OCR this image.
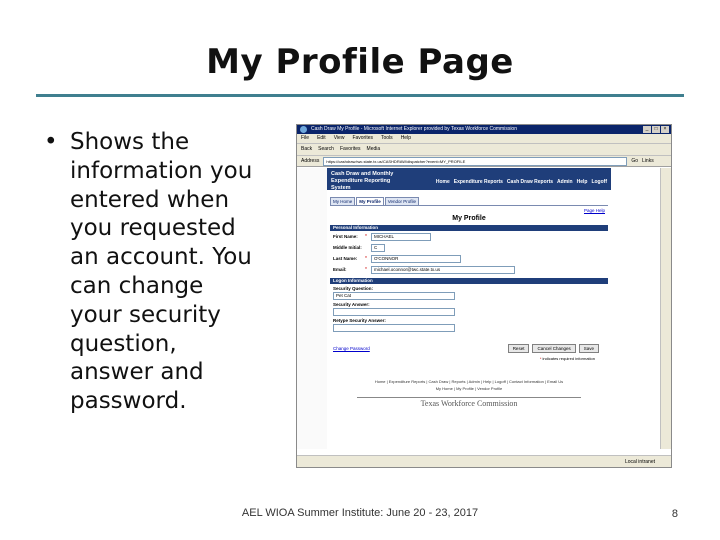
My Profile Page
• Shows the information you entered when you requested an account. You can change your security question, answer and password.
Cash Draw My Profile - Microsoft Internet Explorer provided by Texas Workforce Commission	_	□	×
File Edit View Favorites Tools Help
Back Search Favorites Media
Address	https://cashdraw.twc.state.tx.us/CASHDRAW/dispatcher?event=MY_PROFILE	Go Links
Cash Draw and Monthly Expenditure Reporting System
Home Expenditure Reports Cash Draw Reports Admin Help Logoff
My Home	My Profile	Vendor Profile
Page Help
My Profile
Personal Information
First Name:	*	MICHAEL
Middle Initial:	C
Last Name:	*	O'CONNOR
Email:	*	michael.oconnor@twc.state.tx.us
Logon Information
Security Question:
Pet Cat
Security Answer:
Retype Security Answer:
Change Password	Reset	Cancel Changes	Save
* indicates required information
Home | Expenditure Reports | Cash Draw | Reports | Admin | Help | Logoff | Contact Information | Email Us
My Home | My Profile | Vendor Profile
Texas Workforce Commission
Local intranet
AEL WIOA Summer Institute: June 20 - 23, 2017	8
